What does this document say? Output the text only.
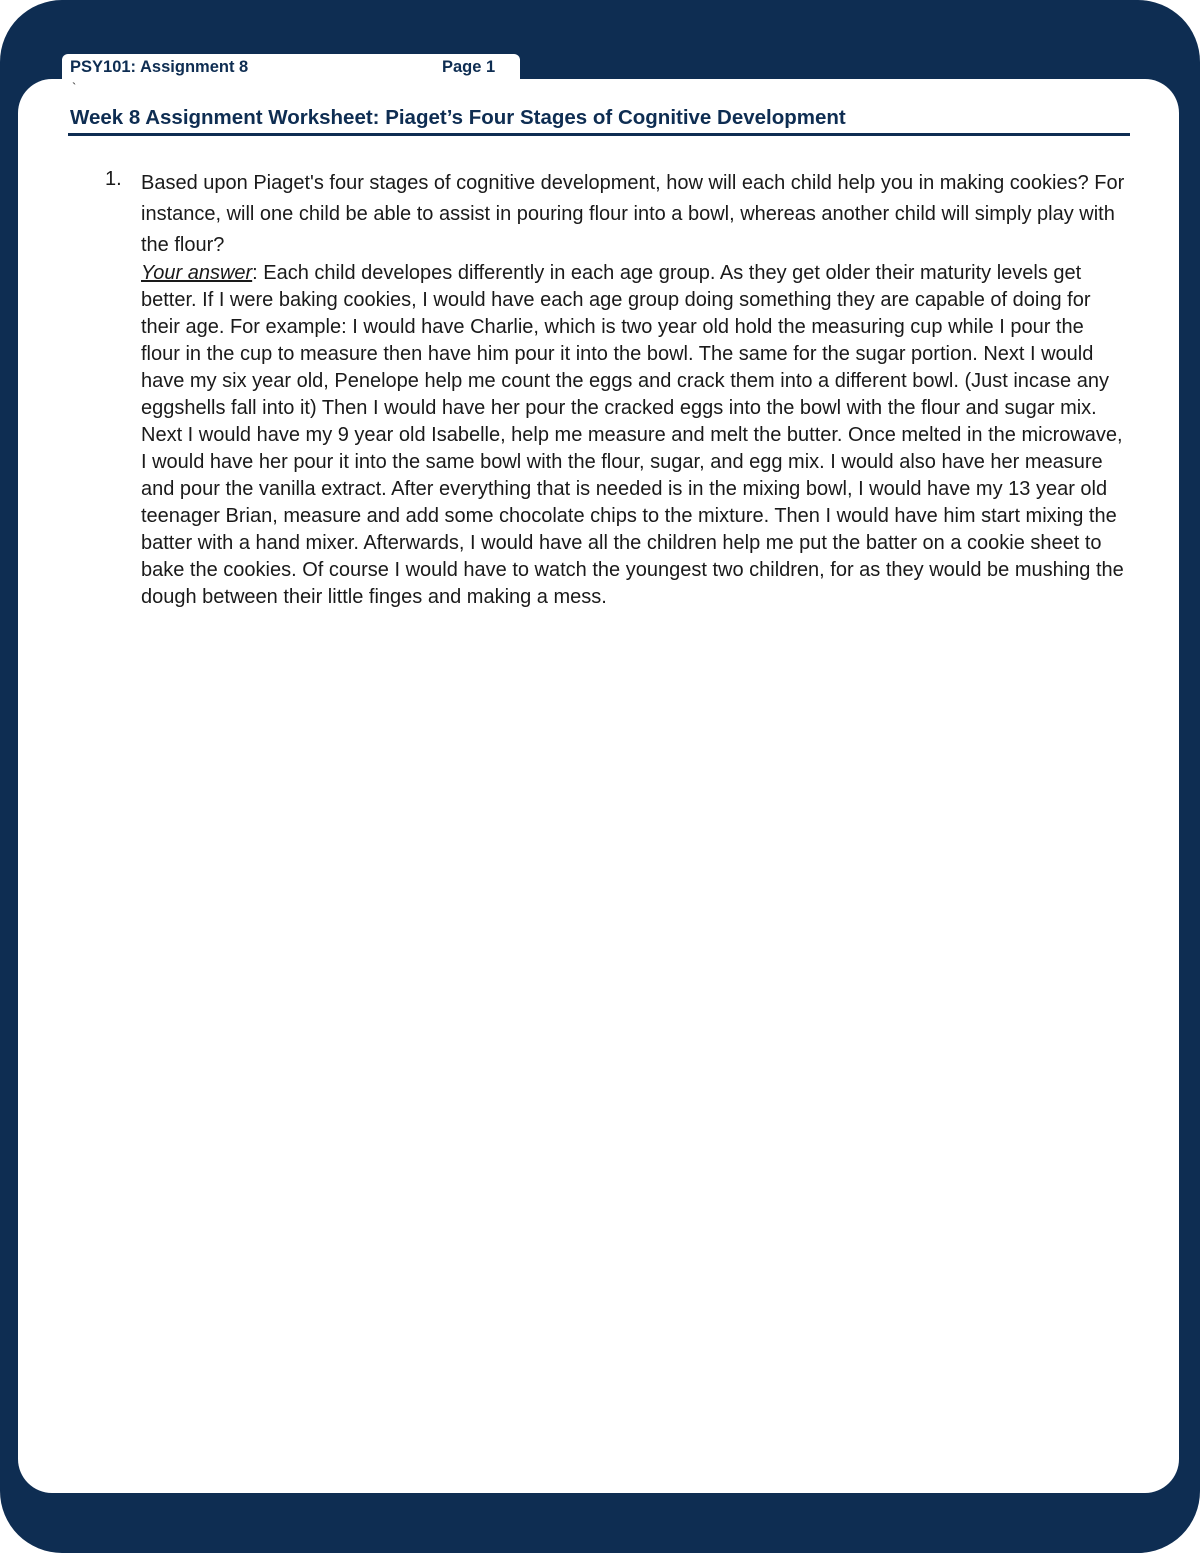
PSY101: Assignment 8	Page 1
`
Week 8 Assignment Worksheet: Piaget’s Four Stages of Cognitive Development
1. Based upon Piaget's four stages of cognitive development, how will each child help you in making cookies? For instance, will one child be able to assist in pouring flour into a bowl, whereas another child will simply play with the flour?
Your answer: Each child developes differently in each age group. As they get older their maturity levels get better. If I were baking cookies, I would have each age group doing something they are capable of doing for their age. For example: I would have Charlie, which is two year old hold the measuring cup while I pour the flour in the cup to measure then have him pour it into the bowl. The same for the sugar portion. Next I would have my six year old, Penelope help me count the eggs and crack them into a different bowl. (Just incase any eggshells fall into it) Then I would have her pour the cracked eggs into the bowl with the flour and sugar mix. Next I would have my 9 year old Isabelle, help me measure and melt the butter. Once melted in the microwave, I would have her pour it into the same bowl with the flour, sugar, and egg mix. I would also have her measure and pour the vanilla extract. After everything that is needed is in the mixing bowl, I would have my 13 year old teenager Brian, measure and add some chocolate chips to the mixture. Then I would have him start mixing the batter with a hand mixer. Afterwards, I would have all the children help me put the batter on a cookie sheet to bake the cookies. Of course I would have to watch the youngest two children, for as they would be mushing the dough between their little finges and making a mess.
